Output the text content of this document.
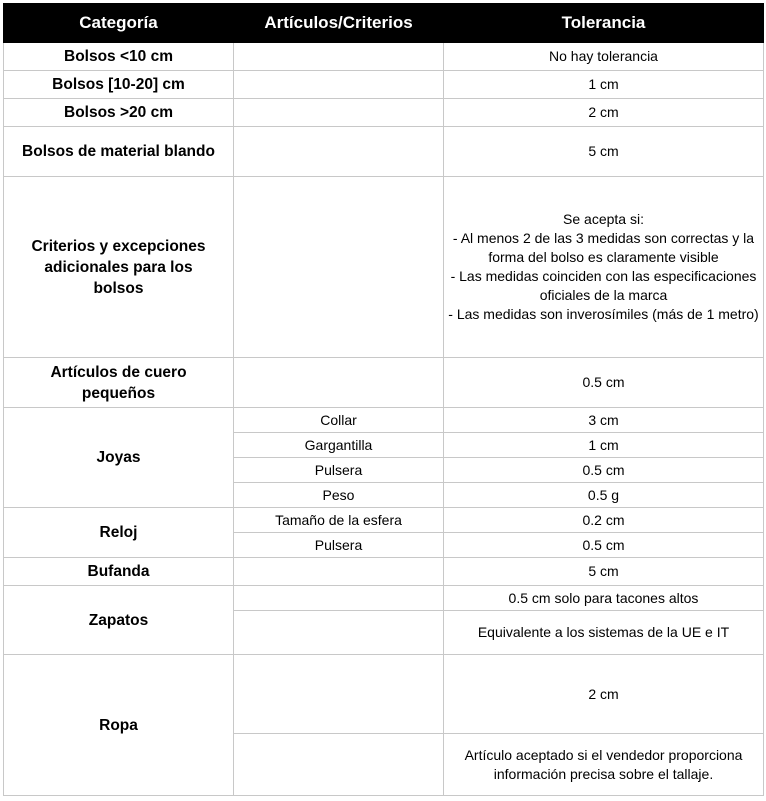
Categoría	Artículos/Criterios	Tolerancia
Bolsos <10 cm		No hay tolerancia
Bolsos [10-20] cm		1 cm
Bolsos >20 cm		2 cm
Bolsos de material blando		5 cm
Criterios y excepciones adicionales para los bolsos		Se acepta si:
- Al menos 2 de las 3 medidas son correctas y la forma del bolso es claramente visible
- Las medidas coinciden con las especificaciones oficiales de la marca
- Las medidas son inverosímiles (más de 1 metro)

Artículos de cuero pequeños		0.5 cm
Joyas	Collar	3 cm
	Gargantilla	1 cm
	Pulsera	0.5 cm
	Peso	0.5 g
Reloj	Tamaño de la esfera	0.2 cm
	Pulsera	0.5 cm
Bufanda		5 cm
Zapatos		0.5 cm solo para tacones altos
		Equivalente a los sistemas de la UE e IT
Ropa		2 cm
		Artículo aceptado si el vendedor proporciona información precisa sobre el tallaje.
